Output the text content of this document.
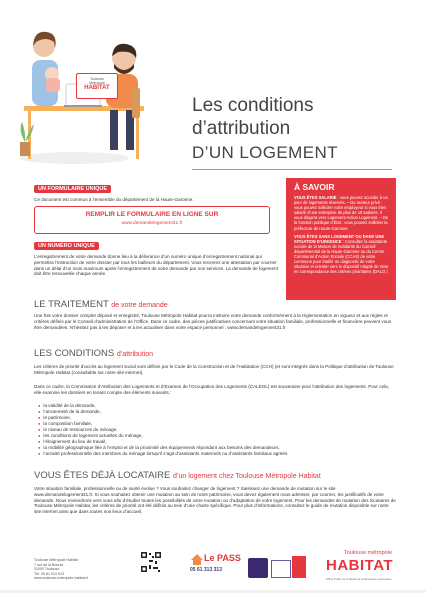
Toulouse
Métropole
HABITAT
Les conditions
d’attribution
D’UN LOGEMENT
UN FORMULAIRE UNIQUE
Ce document est commun à l’ensemble du département de la Haute-Garonne.
REMPLIR LE FORMULAIRE EN LIGNE SUR
www.demandelogement31.fr
UN NUMÉRO UNIQUE
L’enregistrement de votre demande donne lieu à la délivrance d’un numéro unique d’enregistrement national qui permettra l’instruction de votre dossier par tous les bailleurs du département. Vous recevrez une attestation par courrier dans un délai d’un mois maximum après l’enregistrement de votre demande par nos services. La demande de logement doit être renouvelée chaque année.
À SAVOIR

VOUS ÊTES SALARIÉ : vous pouvez accéder à un parc de logements réservés. – Du secteur privé : vous pouvez solliciter votre employeur si vous êtes salarié d’une entreprise de plus de 10 salariés. Il vous dirigera vers Logement Action Logement. – De la fonction publique d’État : vous pouvez solliciter la préfecture de Haute-Garonne.

VOUS ÊTES SANS LOGEMENT OU DANS UNE SITUATION D’URGENCE : Consultez la assistante sociale de la Maison de Solidarité du Conseil départemental de la Haute-Garonne ou du Centre Communal d’Action Sociale (CCAS) de votre commune pour établir un diagnostic de votre situation et orienter vers le dispositif Adapté de mise en correspondance des critères prioritaires (DALO.)

LE TRAITEMENT de votre demande
Une fois votre dossier complet déposé et enregistré, Toulouse Métropole Habitat pourra instruire votre demande conformément à la réglementation en vigueur et aux règles et critères définis par le Conseil d’administration de l’Office. Dans ce cadre, des pièces justificatives concernant votre situation familiale, professionnelle et financière peuvent vous être demandées. N’hésitez pas à les déposer et à les actualiser dans votre espace personnel : www.demandelogement31.fr
LES CONDITIONS d’attribution
Les critères de priorité d’accès au logement social sont définis par le Code de la Construction et de l’Habitation (CCH) (et sont intégrés dans la Politique d’attribution de Toulouse Métropole Habitat (consultable sur notre site internet).
Dans ce cadre, la Commission d’Attribution des Logements et d’Examen de l’Occupation des Logements (CALEOL) est souveraine pour l’attribution des logements. Pour cela, elle examine les dossiers en tenant compte des éléments suivants :
● la validité de la demande,
● l’ancienneté de la demande,
● le patrimoine,
● la composition familiale,
● le niveau de ressources du ménage,
● les conditions de logement actuelles du ménage,
● l’éloignement du lieu de travail,
● la mobilité géographique liée à l’emploi et de la proximité des équipements répondant aux besoins des demandeurs,
● l’activité professionnelle des membres du ménage lorsqu’il s’agit d’assistants maternels ou d’assistants familiaux agréés.
VOUS ÊTES DÉJÀ LOCATAIRE d’un logement chez Toulouse Métropole Habitat
Votre situation familiale, professionnelle ou de santé évolue ? Vous souhaitez changer de logement ? Saisissez une demande de mutation sur le site www.demandelogement31.fr. Si vous souhaitez obtenir une mutation au sein de notre patrimoine, vous devez également nous adresser, par courrier, les justificatifs de votre demande. Nous reviendrons vers vous afin d’étudier toutes les possibilités de votre mutation ou d’adaptation de votre logement. Pour les demandes de mutation des locataires de Toulouse Métropole Habitat, les critères de priorité ont été définis au sein d’une charte spécifique. Pour plus d’informations, consultez le guide de mutation disponible sur notre site internet ainsi que dans toutes nos lieux d’accueil.
Toulouse Métropole Habitat
7 rue de la Bourse
31000 Toulouse
Tél. 05 81 913 913
www.toulouse-metropole-habitat.fr
Le PASS
05 61 313 313
Toulouse métropole
HABITAT
Office Public de l’Habitat de la Métropole toulousaine
